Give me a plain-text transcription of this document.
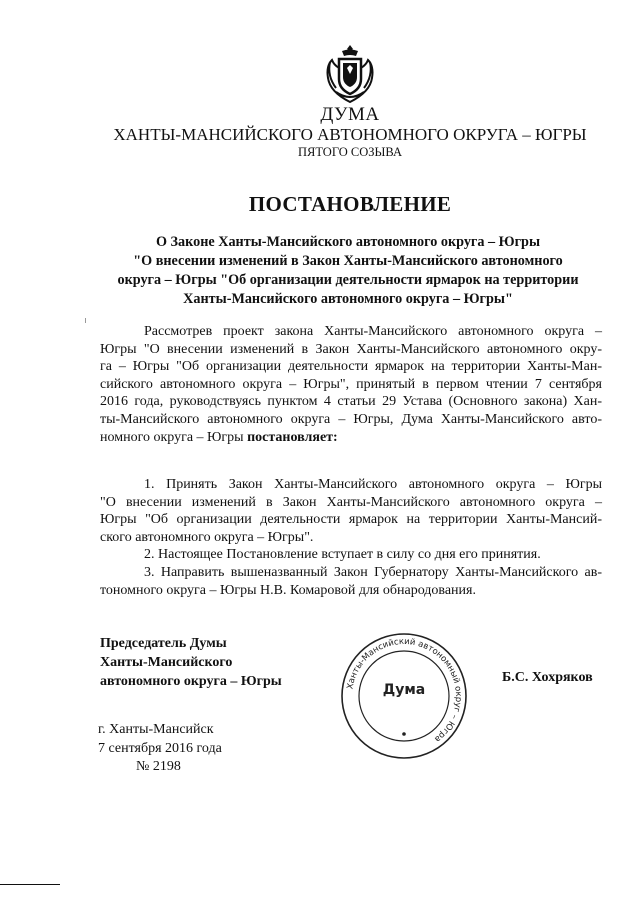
ДУМА
ХАНТЫ-МАНСИЙСКОГО АВТОНОМНОГО ОКРУГА – ЮГРЫ
ПЯТОГО СОЗЫВА
ПОСТАНОВЛЕНИЕ
О Законе Ханты-Мансийского автономного округа – Югры
"О внесении изменений в Закон Ханты-Мансийского автономного
округа – Югры "Об организации деятельности ярмарок на территории
Ханты-Мансийского автономного округа – Югры"
Рассмотрев проект закона Ханты-Мансийского автономного округа –
Югры "О внесении изменений в Закон Ханты-Мансийского автономного окру-
га – Югры "Об организации деятельности ярмарок на территории Ханты-Ман-
сийского автономного округа – Югры", принятый в первом чтении 7 сентября
2016 года, руководствуясь пунктом 4 статьи 29 Устава (Основного закона) Хан-
ты-Мансийского автономного округа – Югры, Дума Ханты-Мансийского авто-
номного округа – Югры постановляет:
1. Принять Закон Ханты-Мансийского автономного округа – Югры
"О внесении изменений в Закон Ханты-Мансийского автономного округа –
Югры "Об организации деятельности ярмарок на территории Ханты-Мансий-
ского автономного округа – Югры".
2. Настоящее Постановление вступает в силу со дня его принятия.
3. Направить вышеназванный Закон Губернатору Ханты-Мансийского ав-
тономного округа – Югры Н.В. Комаровой для обнародования.
Председатель Думы
Ханты-Мансийского
автономного округа – Югры	Ханты-Мансийский автономный округ – Югра
Дума
Б.С. Хохряков
г. Ханты-Мансийск
7 сентября 2016 года
№ 2198
